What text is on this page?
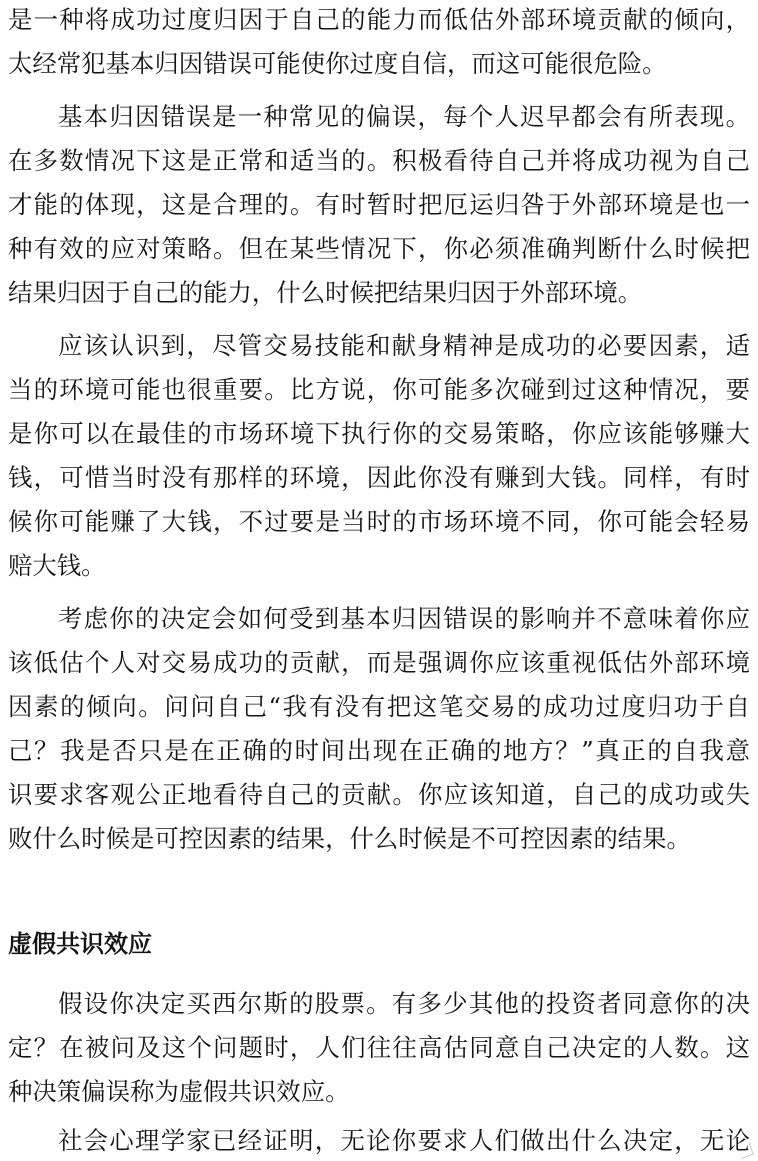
是一种将成功过度归因于自己的能力而低估外部环境贡献的倾向，
太经常犯基本归因错误可能使你过度自信，而这可能很危险。
基本归因错误是一种常见的偏误，每个人迟早都会有所表现。
在多数情况下这是正常和适当的。积极看待自己并将成功视为自己
才能的体现，这是合理的。有时暂时把厄运归咎于外部环境是也一
种有效的应对策略。但在某些情况下，你必须准确判断什么时候把
结果归因于自己的能力，什么时候把结果归因于外部环境。
应该认识到，尽管交易技能和献身精神是成功的必要因素，适
当的环境可能也很重要。比方说，你可能多次碰到过这种情况，要
是你可以在最佳的市场环境下执行你的交易策略，你应该能够赚大
钱，可惜当时没有那样的环境，因此你没有赚到大钱。同样，有时
候你可能赚了大钱，不过要是当时的市场环境不同，你可能会轻易
赔大钱。
考虑你的决定会如何受到基本归因错误的影响并不意味着你应
该低估个人对交易成功的贡献，而是强调你应该重视低估外部环境
因素的倾向。问问自己“我有没有把这笔交易的成功过度归功于自
己？我是否只是在正确的时间出现在正确的地方？”真正的自我意
识要求客观公正地看待自己的贡献。你应该知道，自己的成功或失
败什么时候是可控因素的结果，什么时候是不可控因素的结果。
虚假共识效应
假设你决定买西尔斯的股票。有多少其他的投资者同意你的决
定？在被问及这个问题时，人们往往高估同意自己决定的人数。这
种决策偏误称为虚假共识效应。
社会心理学家已经证明，无论你要求人们做出什么决定，无论
